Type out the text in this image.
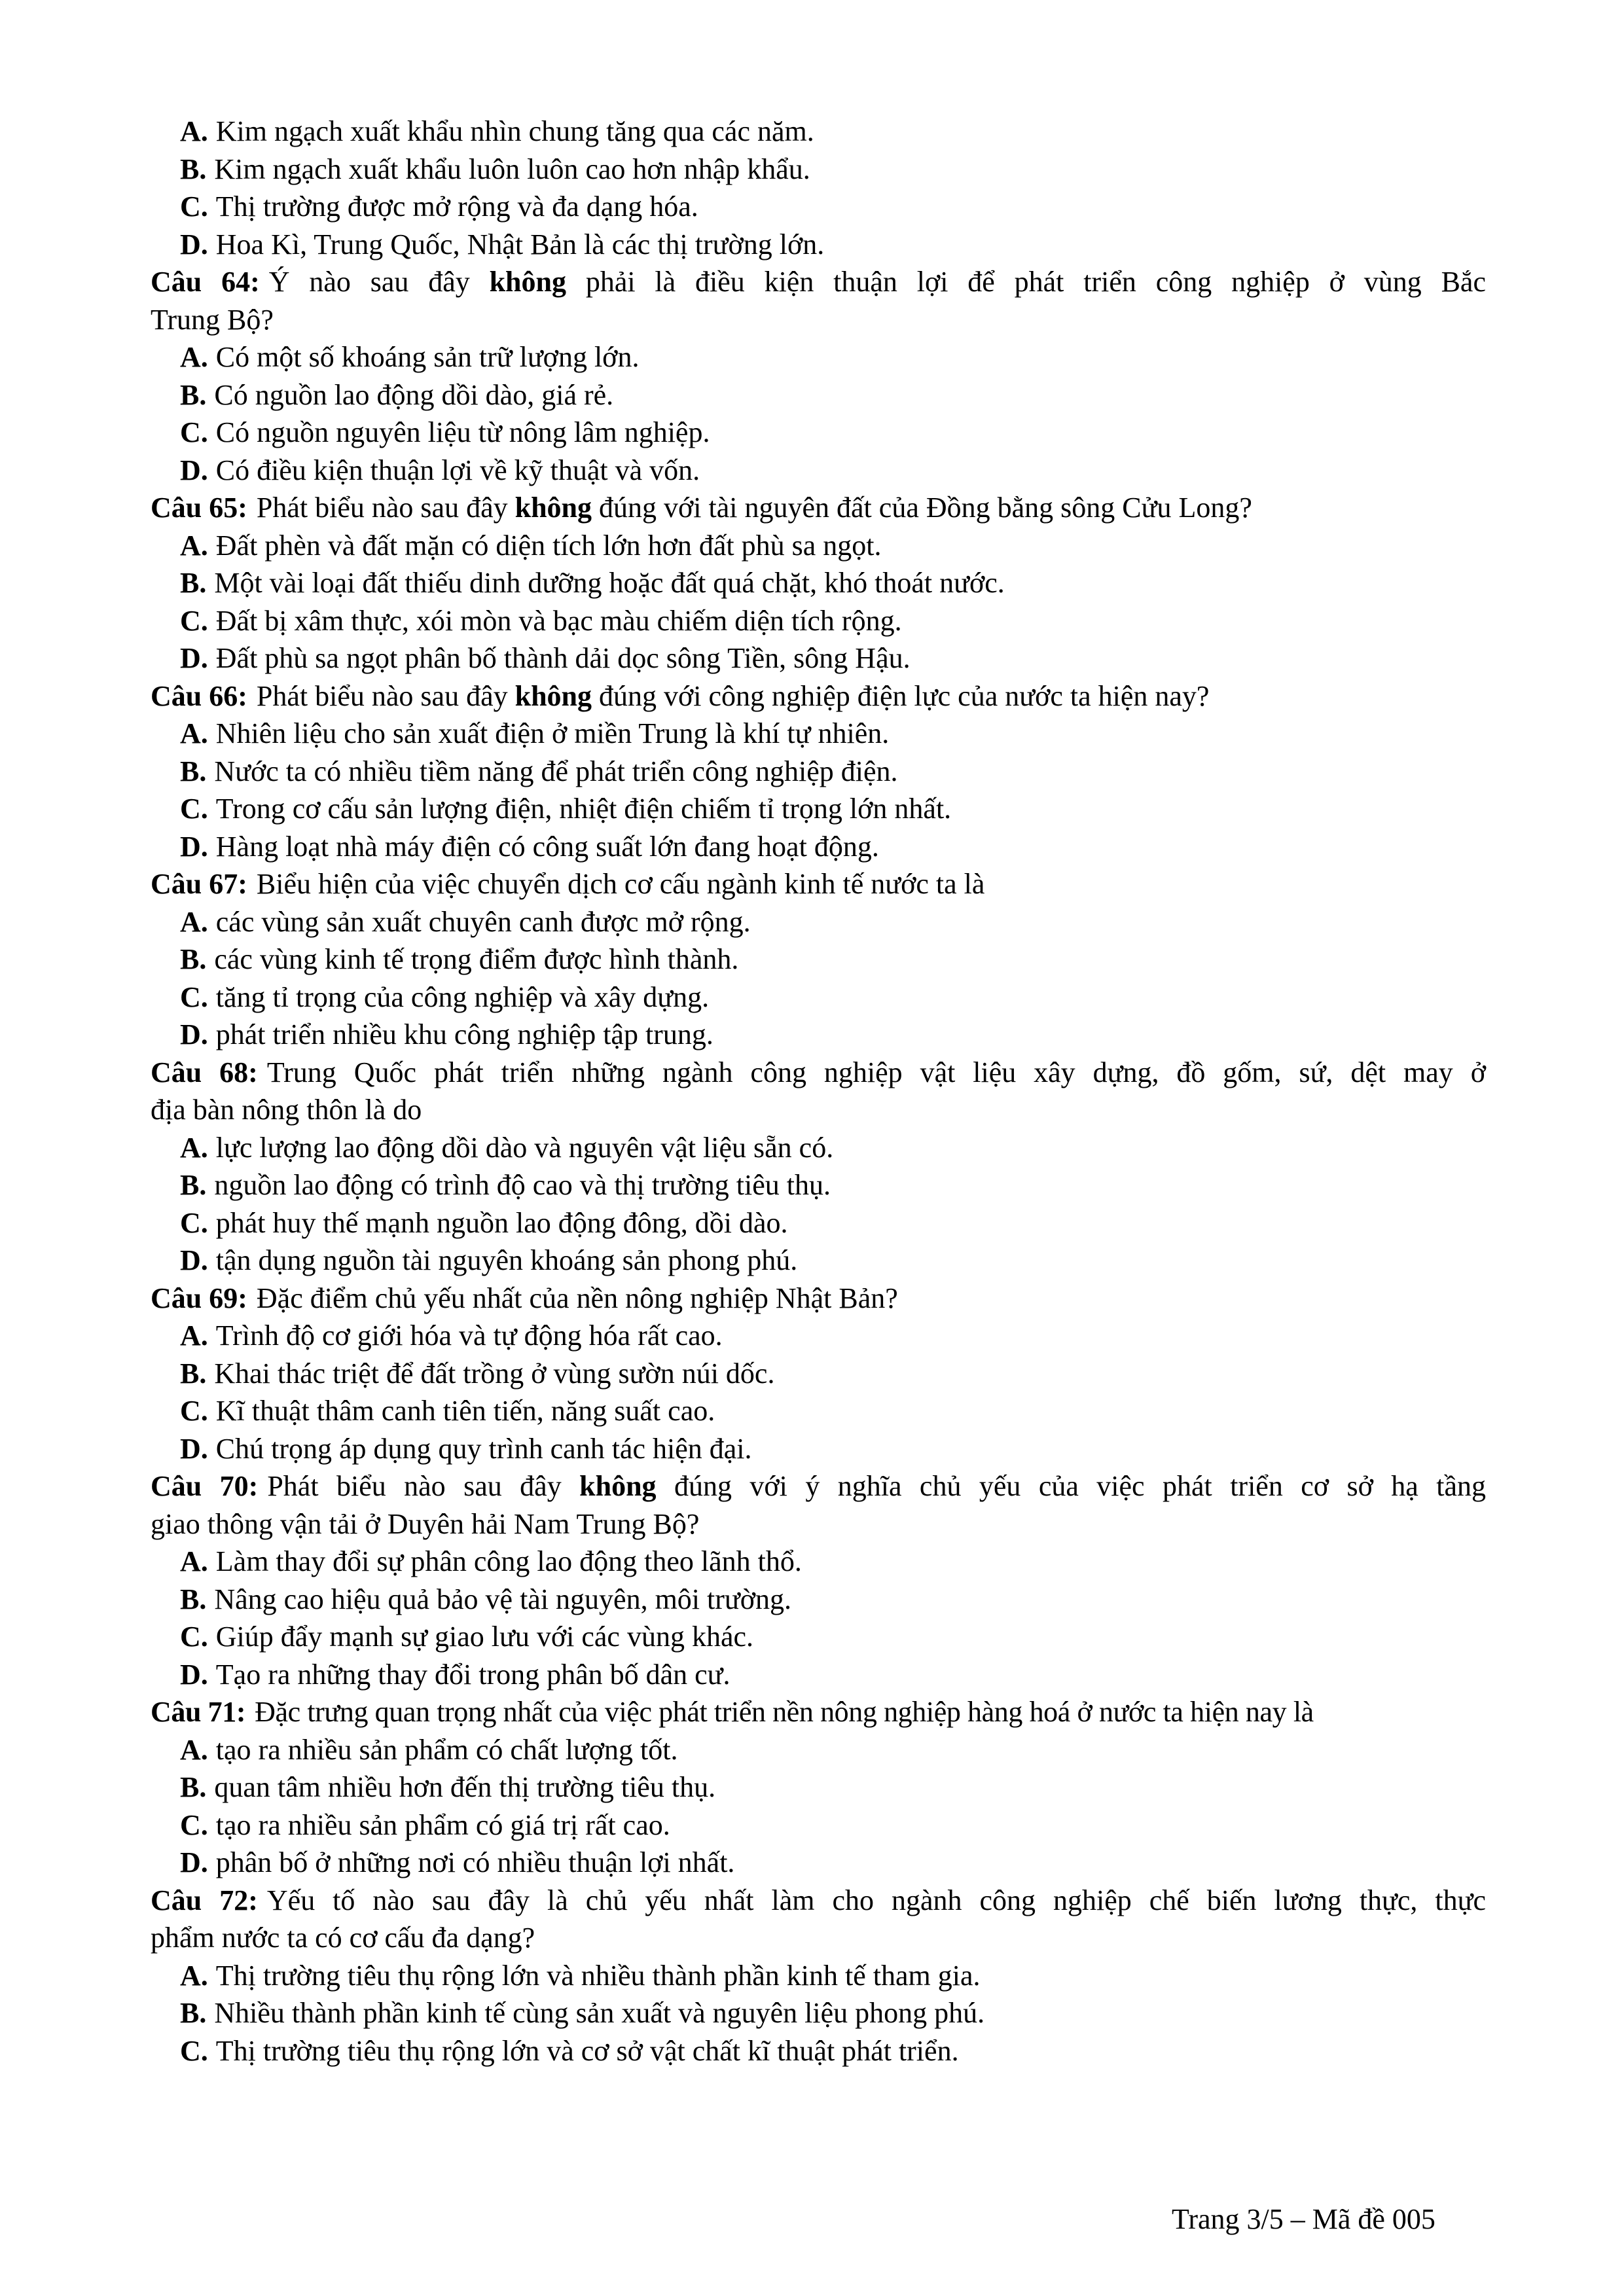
A. Kim ngạch xuất khẩu nhìn chung tăng qua các năm.
B. Kim ngạch xuất khẩu luôn luôn cao hơn nhập khẩu.
C. Thị trường được mở rộng và đa dạng hóa.
D. Hoa Kì, Trung Quốc, Nhật Bản là các thị trường lớn.
Câu 64: Ý nào sau đây không phải là điều kiện thuận lợi để phát triển công nghiệp ở vùng Bắc
Trung Bộ?
A. Có một số khoáng sản trữ lượng lớn.
B. Có nguồn lao động dồi dào, giá rẻ.
C. Có nguồn nguyên liệu từ nông lâm nghiệp.
D. Có điều kiện thuận lợi về kỹ thuật và vốn.
Câu 65: Phát biểu nào sau đây không đúng với tài nguyên đất của Đồng bằng sông Cửu Long?
A. Đất phèn và đất mặn có diện tích lớn hơn đất phù sa ngọt.
B. Một vài loại đất thiếu dinh dưỡng hoặc đất quá chặt, khó thoát nước.
C. Đất bị xâm thực, xói mòn và bạc màu chiếm diện tích rộng.
D. Đất phù sa ngọt phân bố thành dải dọc sông Tiền, sông Hậu.
Câu 66: Phát biểu nào sau đây không đúng với công nghiệp điện lực của nước ta hiện nay?
A. Nhiên liệu cho sản xuất điện ở miền Trung là khí tự nhiên.
B. Nước ta có nhiều tiềm năng để phát triển công nghiệp điện.
C. Trong cơ cấu sản lượng điện, nhiệt điện chiếm tỉ trọng lớn nhất.
D. Hàng loạt nhà máy điện có công suất lớn đang hoạt động.
Câu 67: Biểu hiện của việc chuyển dịch cơ cấu ngành kinh tế nước ta là
A. các vùng sản xuất chuyên canh được mở rộng.
B. các vùng kinh tế trọng điểm được hình thành.
C. tăng tỉ trọng của công nghiệp và xây dựng.
D. phát triển nhiều khu công nghiệp tập trung.
Câu 68: Trung Quốc phát triển những ngành công nghiệp vật liệu xây dựng, đồ gốm, sứ, dệt may ở
địa bàn nông thôn là do
A. lực lượng lao động dồi dào và nguyên vật liệu sẵn có.
B. nguồn lao động có trình độ cao và thị trường tiêu thụ.
C. phát huy thế mạnh nguồn lao động đông, dồi dào.
D. tận dụng nguồn tài nguyên khoáng sản phong phú.
Câu 69: Đặc điểm chủ yếu nhất của nền nông nghiệp Nhật Bản?
A. Trình độ cơ giới hóa và tự động hóa rất cao.
B. Khai thác triệt để đất trồng ở vùng sườn núi dốc.
C. Kĩ thuật thâm canh tiên tiến, năng suất cao.
D. Chú trọng áp dụng quy trình canh tác hiện đại.
Câu 70: Phát biểu nào sau đây không đúng với ý nghĩa chủ yếu của việc phát triển cơ sở hạ tầng
giao thông vận tải ở Duyên hải Nam Trung Bộ?
A. Làm thay đổi sự phân công lao động theo lãnh thổ.
B. Nâng cao hiệu quả bảo vệ tài nguyên, môi trường.
C. Giúp đẩy mạnh sự giao lưu với các vùng khác.
D. Tạo ra những thay đổi trong phân bố dân cư.
Câu 71: Đặc trưng quan trọng nhất của việc phát triển nền nông nghiệp hàng hoá ở nước ta hiện nay là
A. tạo ra nhiều sản phẩm có chất lượng tốt.
B. quan tâm nhiều hơn đến thị trường tiêu thụ.
C. tạo ra nhiều sản phẩm có giá trị rất cao.
D. phân bố ở những nơi có nhiều thuận lợi nhất.
Câu 72: Yếu tố nào sau đây là chủ yếu nhất làm cho ngành công nghiệp chế biến lương thực, thực
phẩm nước ta có cơ cấu đa dạng?
A. Thị trường tiêu thụ rộng lớn và nhiều thành phần kinh tế tham gia.
B. Nhiều thành phần kinh tế cùng sản xuất và nguyên liệu phong phú.
C. Thị trường tiêu thụ rộng lớn và cơ sở vật chất kĩ thuật phát triển.
Trang 3/5 – Mã đề 005
